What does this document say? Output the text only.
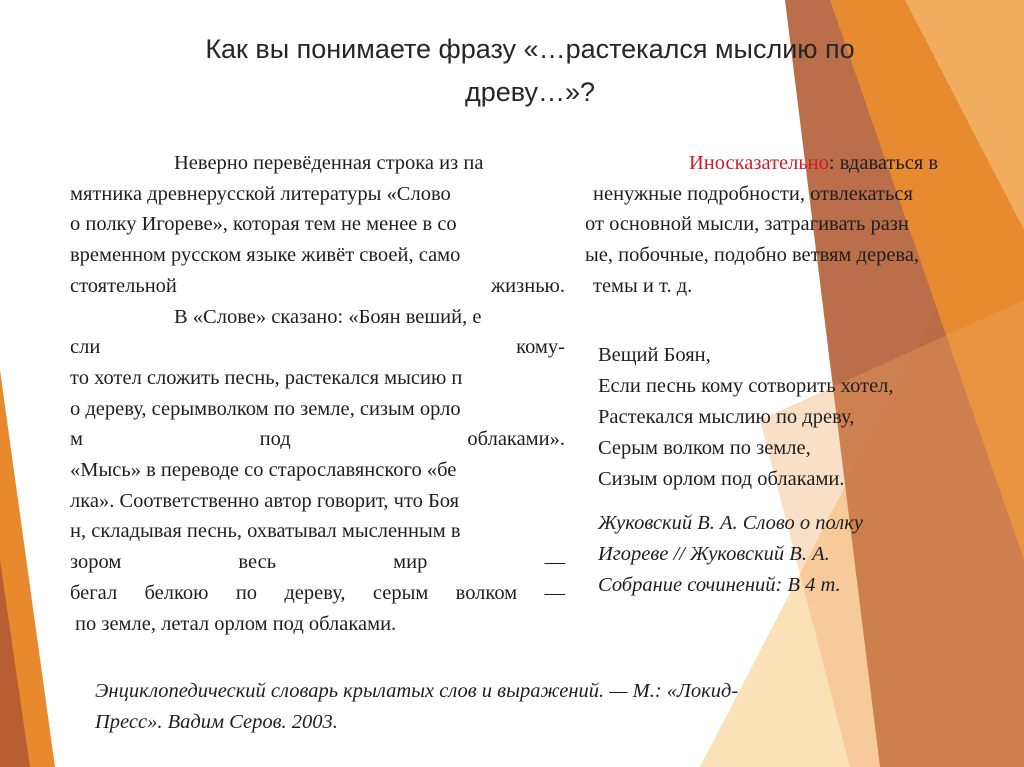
Как вы понимаете фразу «…растекался мыслию по
древу…»?
Неверно перевёденная строка из па
мятника древнерусской литературы «Слово
о полку Игореве», которая тем не менее в со
временном русском языке живёт своей, само
стоятельной жизнью.
В «Слове» сказано: «Боян веший, е
сли кому-
то хотел сложить песнь, растекался мысию п
о дереву, серымволком по земле, сизым орло
м под облаками».
«Мысь» в переводе со старославянского «бе
лка». Соответственно автор говорит, что Боя
н, складывая песнь, охватывал мысленным в
зором весь мир —
бегал белкою по дереву, серым волком —
по земле, летал орлом под облаками.
Иносказательно: вдаваться в
ненужные подробности, отвлекаться
от основной мысли, затрагивать разн
ые, побочные, подобно ветвям дерева,
темы и т. д.
Вещий Боян,
Если песнь кому сотворить хотел,
Растекался мыслию по древу,
Серым волком по земле,
Сизым орлом под облаками.
Жуковский В. А. Слово о полку
Игореве // Жуковский В. А.
Собрание сочинений: В 4 т.
Энциклопедический словарь крылатых слов и выражений. — М.: «Локид-
Пресс». Вадим Серов. 2003.
